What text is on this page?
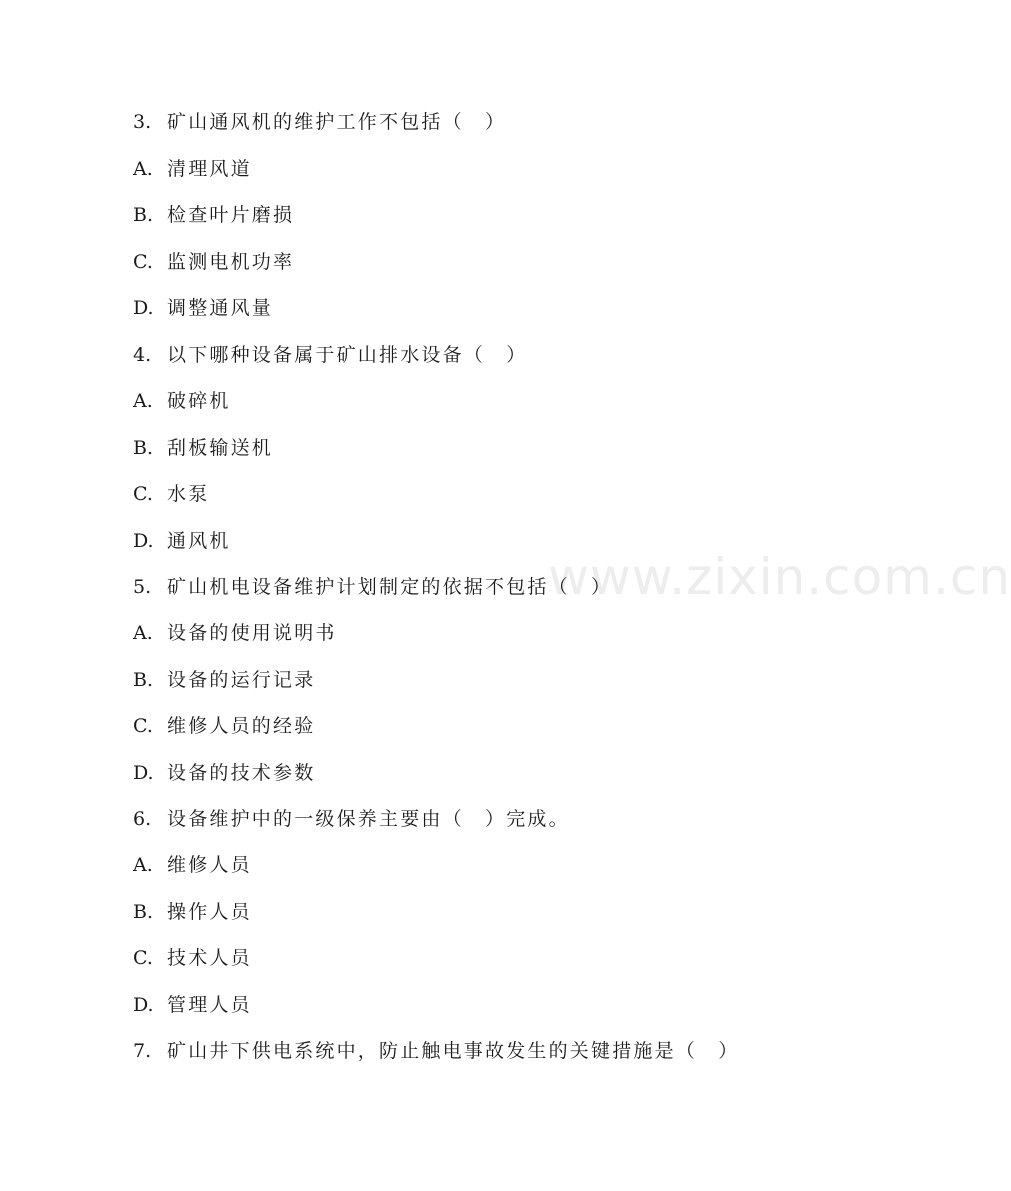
www.zixin.com.cn
3. 矿山通风机的维护工作不包括（　）
A. 清理风道
B. 检查叶片磨损
C. 监测电机功率
D. 调整通风量
4. 以下哪种设备属于矿山排水设备（　）
A. 破碎机
B. 刮板输送机
C. 水泵
D. 通风机
5. 矿山机电设备维护计划制定的依据不包括（　）
A. 设备的使用说明书
B. 设备的运行记录
C. 维修人员的经验
D. 设备的技术参数
6. 设备维护中的一级保养主要由（　）完成。
A. 维修人员
B. 操作人员
C. 技术人员
D. 管理人员
7. 矿山井下供电系统中，防止触电事故发生的关键措施是（　）
